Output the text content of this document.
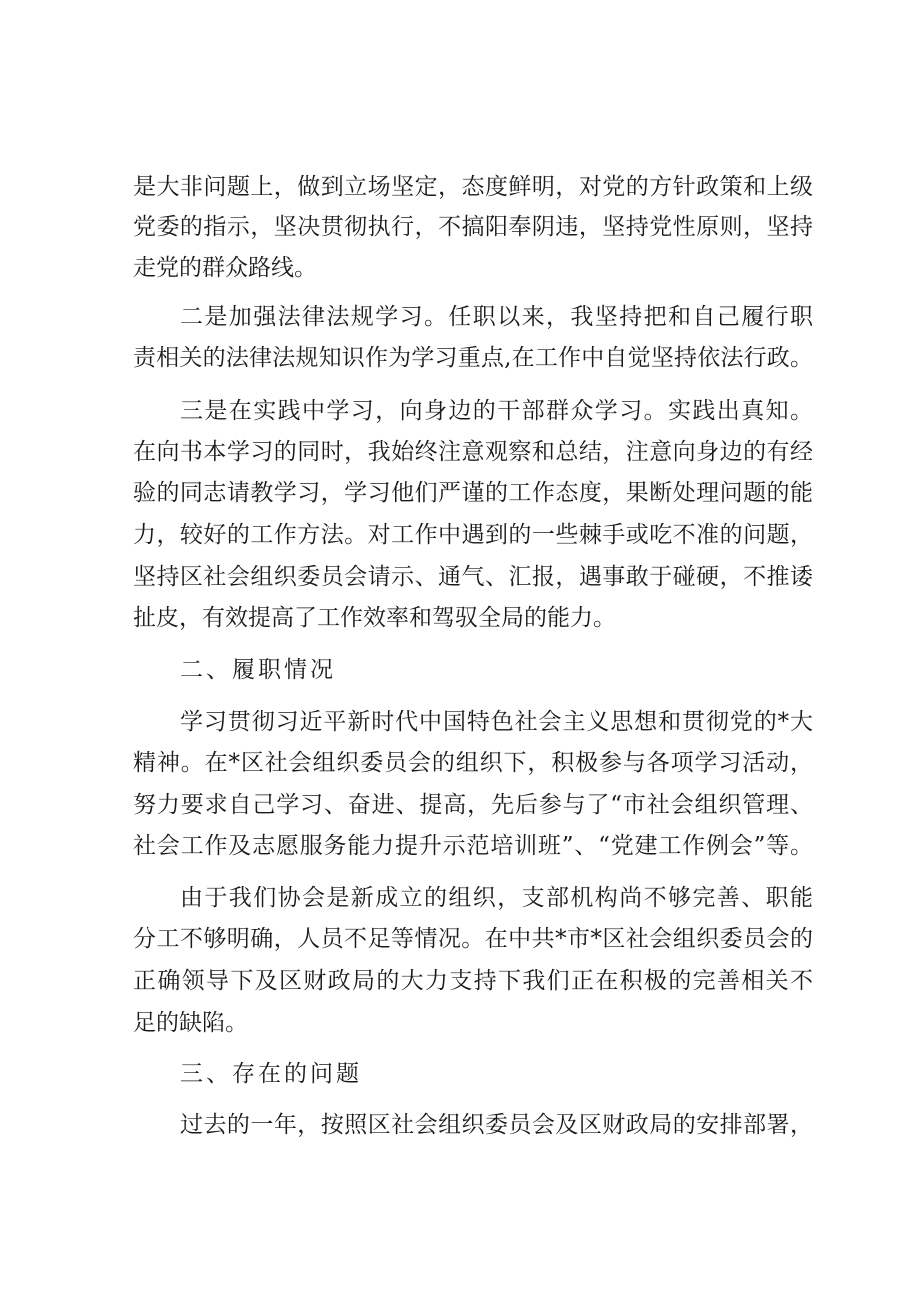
是大非问题上，做到立场坚定，态度鲜明，对党的方针政策和上级
党委的指示，坚决贯彻执行，不搞阳奉阴违，坚持党性原则，坚持
走党的群众路线。
二是加强法律法规学习。任职以来，我坚持把和自己履行职
责相关的法律法规知识作为学习重点,在工作中自觉坚持依法行政。
三是在实践中学习，向身边的干部群众学习。实践出真知。
在向书本学习的同时，我始终注意观察和总结，注意向身边的有经
验的同志请教学习，学习他们严谨的工作态度，果断处理问题的能
力，较好的工作方法。对工作中遇到的一些棘手或吃不准的问题，
坚持区社会组织委员会请示、通气、汇报，遇事敢于碰硬，不推诿
扯皮，有效提高了工作效率和驾驭全局的能力。
二、履职情况
学习贯彻习近平新时代中国特色社会主义思想和贯彻党的*大
精神。在*区社会组织委员会的组织下，积极参与各项学习活动，
努力要求自己学习、奋进、提高，先后参与了“市社会组织管理、
社会工作及志愿服务能力提升示范培训班”、“党建工作例会”等。
由于我们协会是新成立的组织，支部机构尚不够完善、职能
分工不够明确，人员不足等情况。在中共*市*区社会组织委员会的
正确领导下及区财政局的大力支持下我们正在积极的完善相关不
足的缺陷。
三、存在的问题
过去的一年，按照区社会组织委员会及区财政局的安排部署，
